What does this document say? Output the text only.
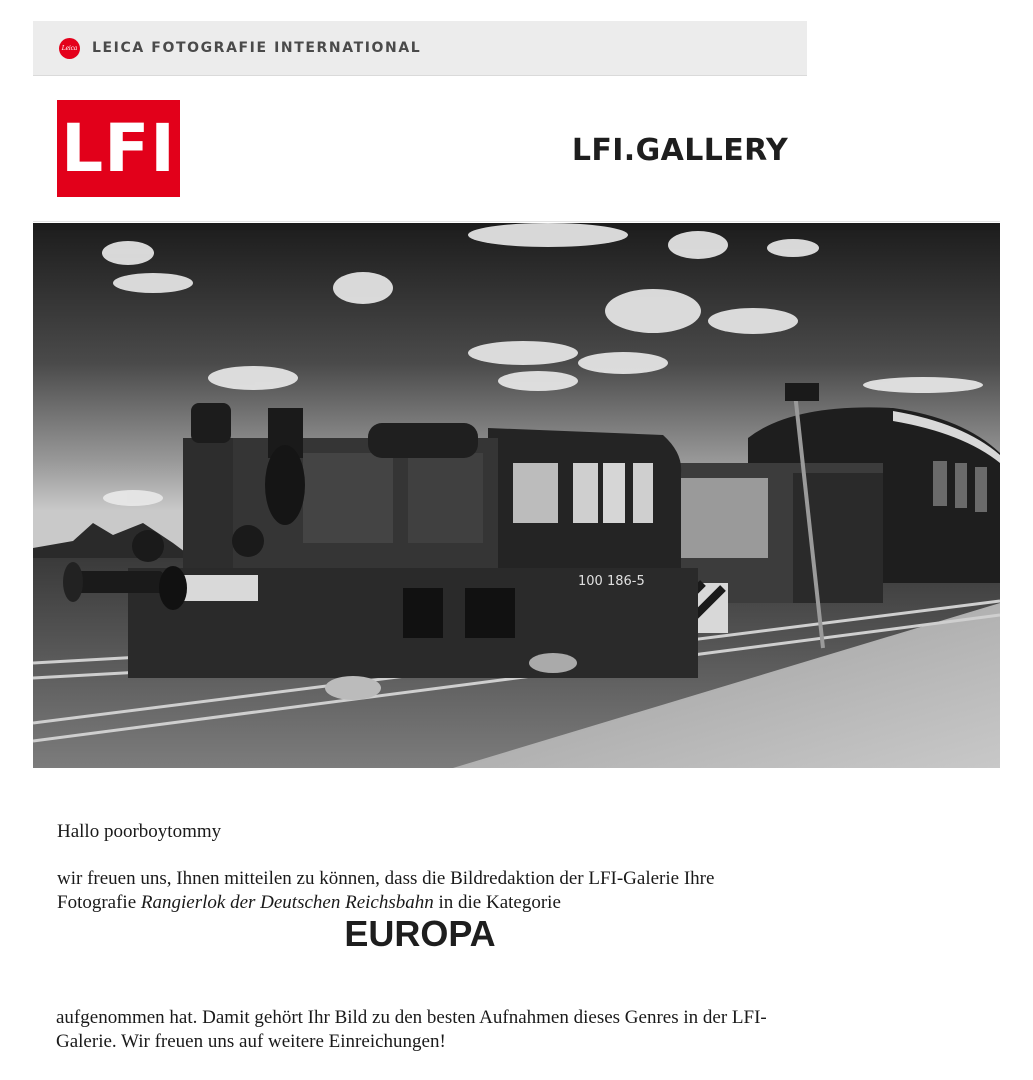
Leica LEICA FOTOGRAFIE INTERNATIONAL
LFI	LFI.GALLERY
100 186-5
Hallo poorboytommy
wir freuen uns, Ihnen mitteilen zu können, dass die Bildredaktion der LFI-Galerie Ihre Fotografie Rangierlok der Deutschen Reichsbahn in die Kategorie
EUROPA
aufgenommen hat. Damit gehört Ihr Bild zu den besten Aufnahmen dieses Genres in der LFI-Galerie. Wir freuen uns auf weitere Einreichungen!
